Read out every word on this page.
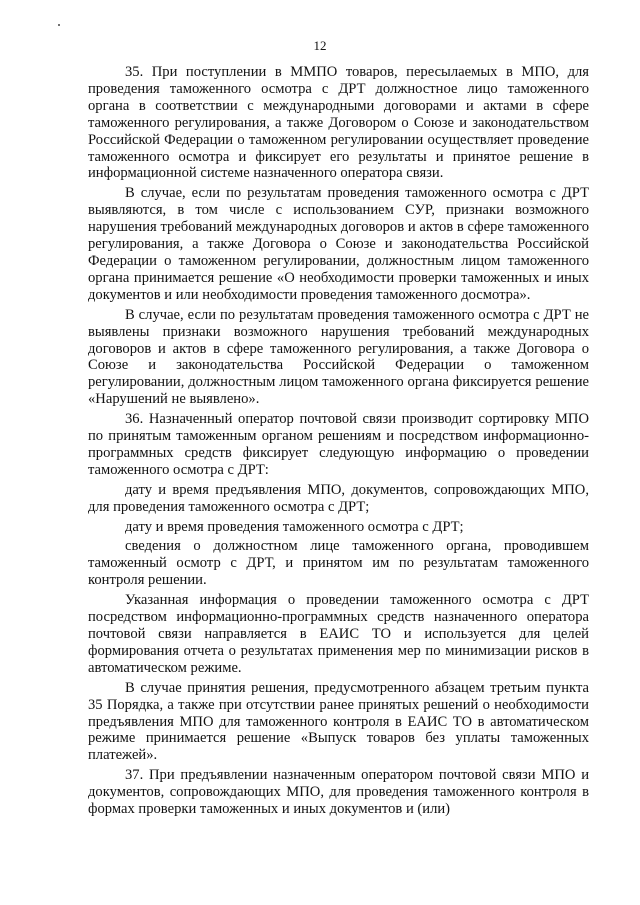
12

35. При поступлении в ММПО товаров, пересылаемых в МПО, для проведения таможенного осмотра с ДРТ должностное лицо таможенного органа в соответствии с международными договорами и актами в сфере таможенного регулирования, а также Договором о Союзе и законодательством Российской Федерации о таможенном регулировании осуществляет проведение таможенного осмотра и фиксирует его результаты и принятое решение в информационной системе назначенного оператора связи.

В случае, если по результатам проведения таможенного осмотра с ДРТ выявляются, в том числе с использованием СУР, признаки возможного нарушения требований международных договоров и актов в сфере таможенного регулирования, а также Договора о Союзе и законодательства Российской Федерации о таможенном регулировании, должностным лицом таможенного органа принимается решение «О необходимости проверки таможенных и иных документов и или необходимости проведения таможенного досмотра».

В случае, если по результатам проведения таможенного осмотра с ДРТ не выявлены признаки возможного нарушения требований международных договоров и актов в сфере таможенного регулирования, а также Договора о Союзе и законодательства Российской Федерации о таможенном регулировании, должностным лицом таможенного органа фиксируется решение «Нарушений не выявлено».

36. Назначенный оператор почтовой связи производит сортировку МПО по принятым таможенным органом решениям и посредством информационно-программных средств фиксирует следующую информацию о проведении таможенного осмотра с ДРТ:

дату и время предъявления МПО, документов, сопровождающих МПО, для проведения таможенного осмотра с ДРТ;

дату и время проведения таможенного осмотра с ДРТ;

сведения о должностном лице таможенного органа, проводившем таможенный осмотр с ДРТ, и принятом им по результатам таможенного контроля решении.

Указанная информация о проведении таможенного осмотра с ДРТ посредством информационно-программных средств назначенного оператора почтовой связи направляется в ЕАИС ТО и используется для целей формирования отчета о результатах применения мер по минимизации рисков в автоматическом режиме.

В случае принятия решения, предусмотренного абзацем третьим пункта 35 Порядка, а также при отсутствии ранее принятых решений о необходимости предъявления МПО для таможенного контроля в ЕАИС ТО в автоматическом режиме принимается решение «Выпуск товаров без уплаты таможенных платежей».

37. При предъявлении назначенным оператором почтовой связи МПО и документов, сопровождающих МПО, для проведения таможенного контроля в формах проверки таможенных и иных документов и (или)
